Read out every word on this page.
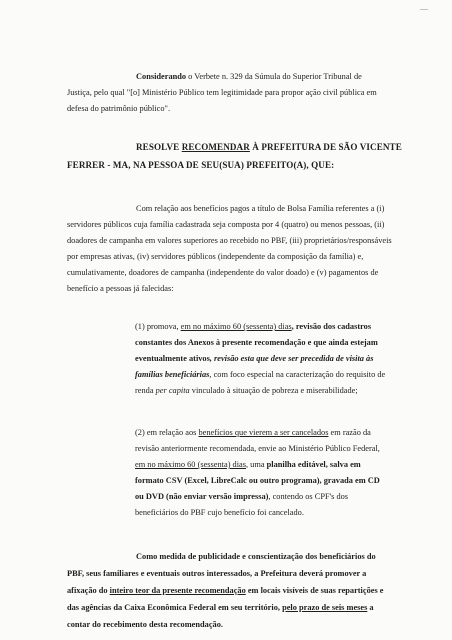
—
Considerando o Verbete n. 329 da Súmula do Superior Tribunal de
Justiça, pelo qual "[o] Ministério Público tem legitimidade para propor ação civil pública em
defesa do patrimônio público".
RESOLVE RECOMENDAR À PREFEITURA DE SÃO VICENTE
FERRER - MA, NA PESSOA DE SEU(SUA) PREFEITO(A), QUE:
Com relação aos benefícios pagos a título de Bolsa Família referentes a (i)
servidores públicos cuja família cadastrada seja composta por 4 (quatro) ou menos pessoas, (ii)
doadores de campanha em valores superiores ao recebido no PBF, (iii) proprietários/responsáveis
por empresas ativas, (iv) servidores públicos (independente da composição da família) e,
cumulativamente, doadores de campanha (independente do valor doado) e (v) pagamentos de
benefício a pessoas já falecidas:
(1) promova, em no máximo 60 (sessenta) dias, revisão dos cadastros
constantes dos Anexos à presente recomendação e que ainda estejam
eventualmente ativos, revisão esta que deve ser precedida de visita às
famílias beneficiárias, com foco especial na caracterização do requisito de
renda per capita vinculado à situação de pobreza e miserabilidade;
(2) em relação aos benefícios que vierem a ser cancelados em razão da
revisão anteriormente recomendada, envie ao Ministério Público Federal,
em no máximo 60 (sessenta) dias, uma planilha editável, salva em
formato CSV (Excel, LibreCalc ou outro programa), gravada em CD
ou DVD (não enviar versão impressa), contendo os CPF's dos
beneficiários do PBF cujo benefício foi cancelado.
Como medida de publicidade e conscientização dos beneficiários do
PBF, seus familiares e eventuais outros interessados, a Prefeitura deverá promover a
afixação do inteiro teor da presente recomendação em locais visíveis de suas repartições e
das agências da Caixa Econômica Federal em seu território, pelo prazo de seis meses a
contar do recebimento desta recomendação.
